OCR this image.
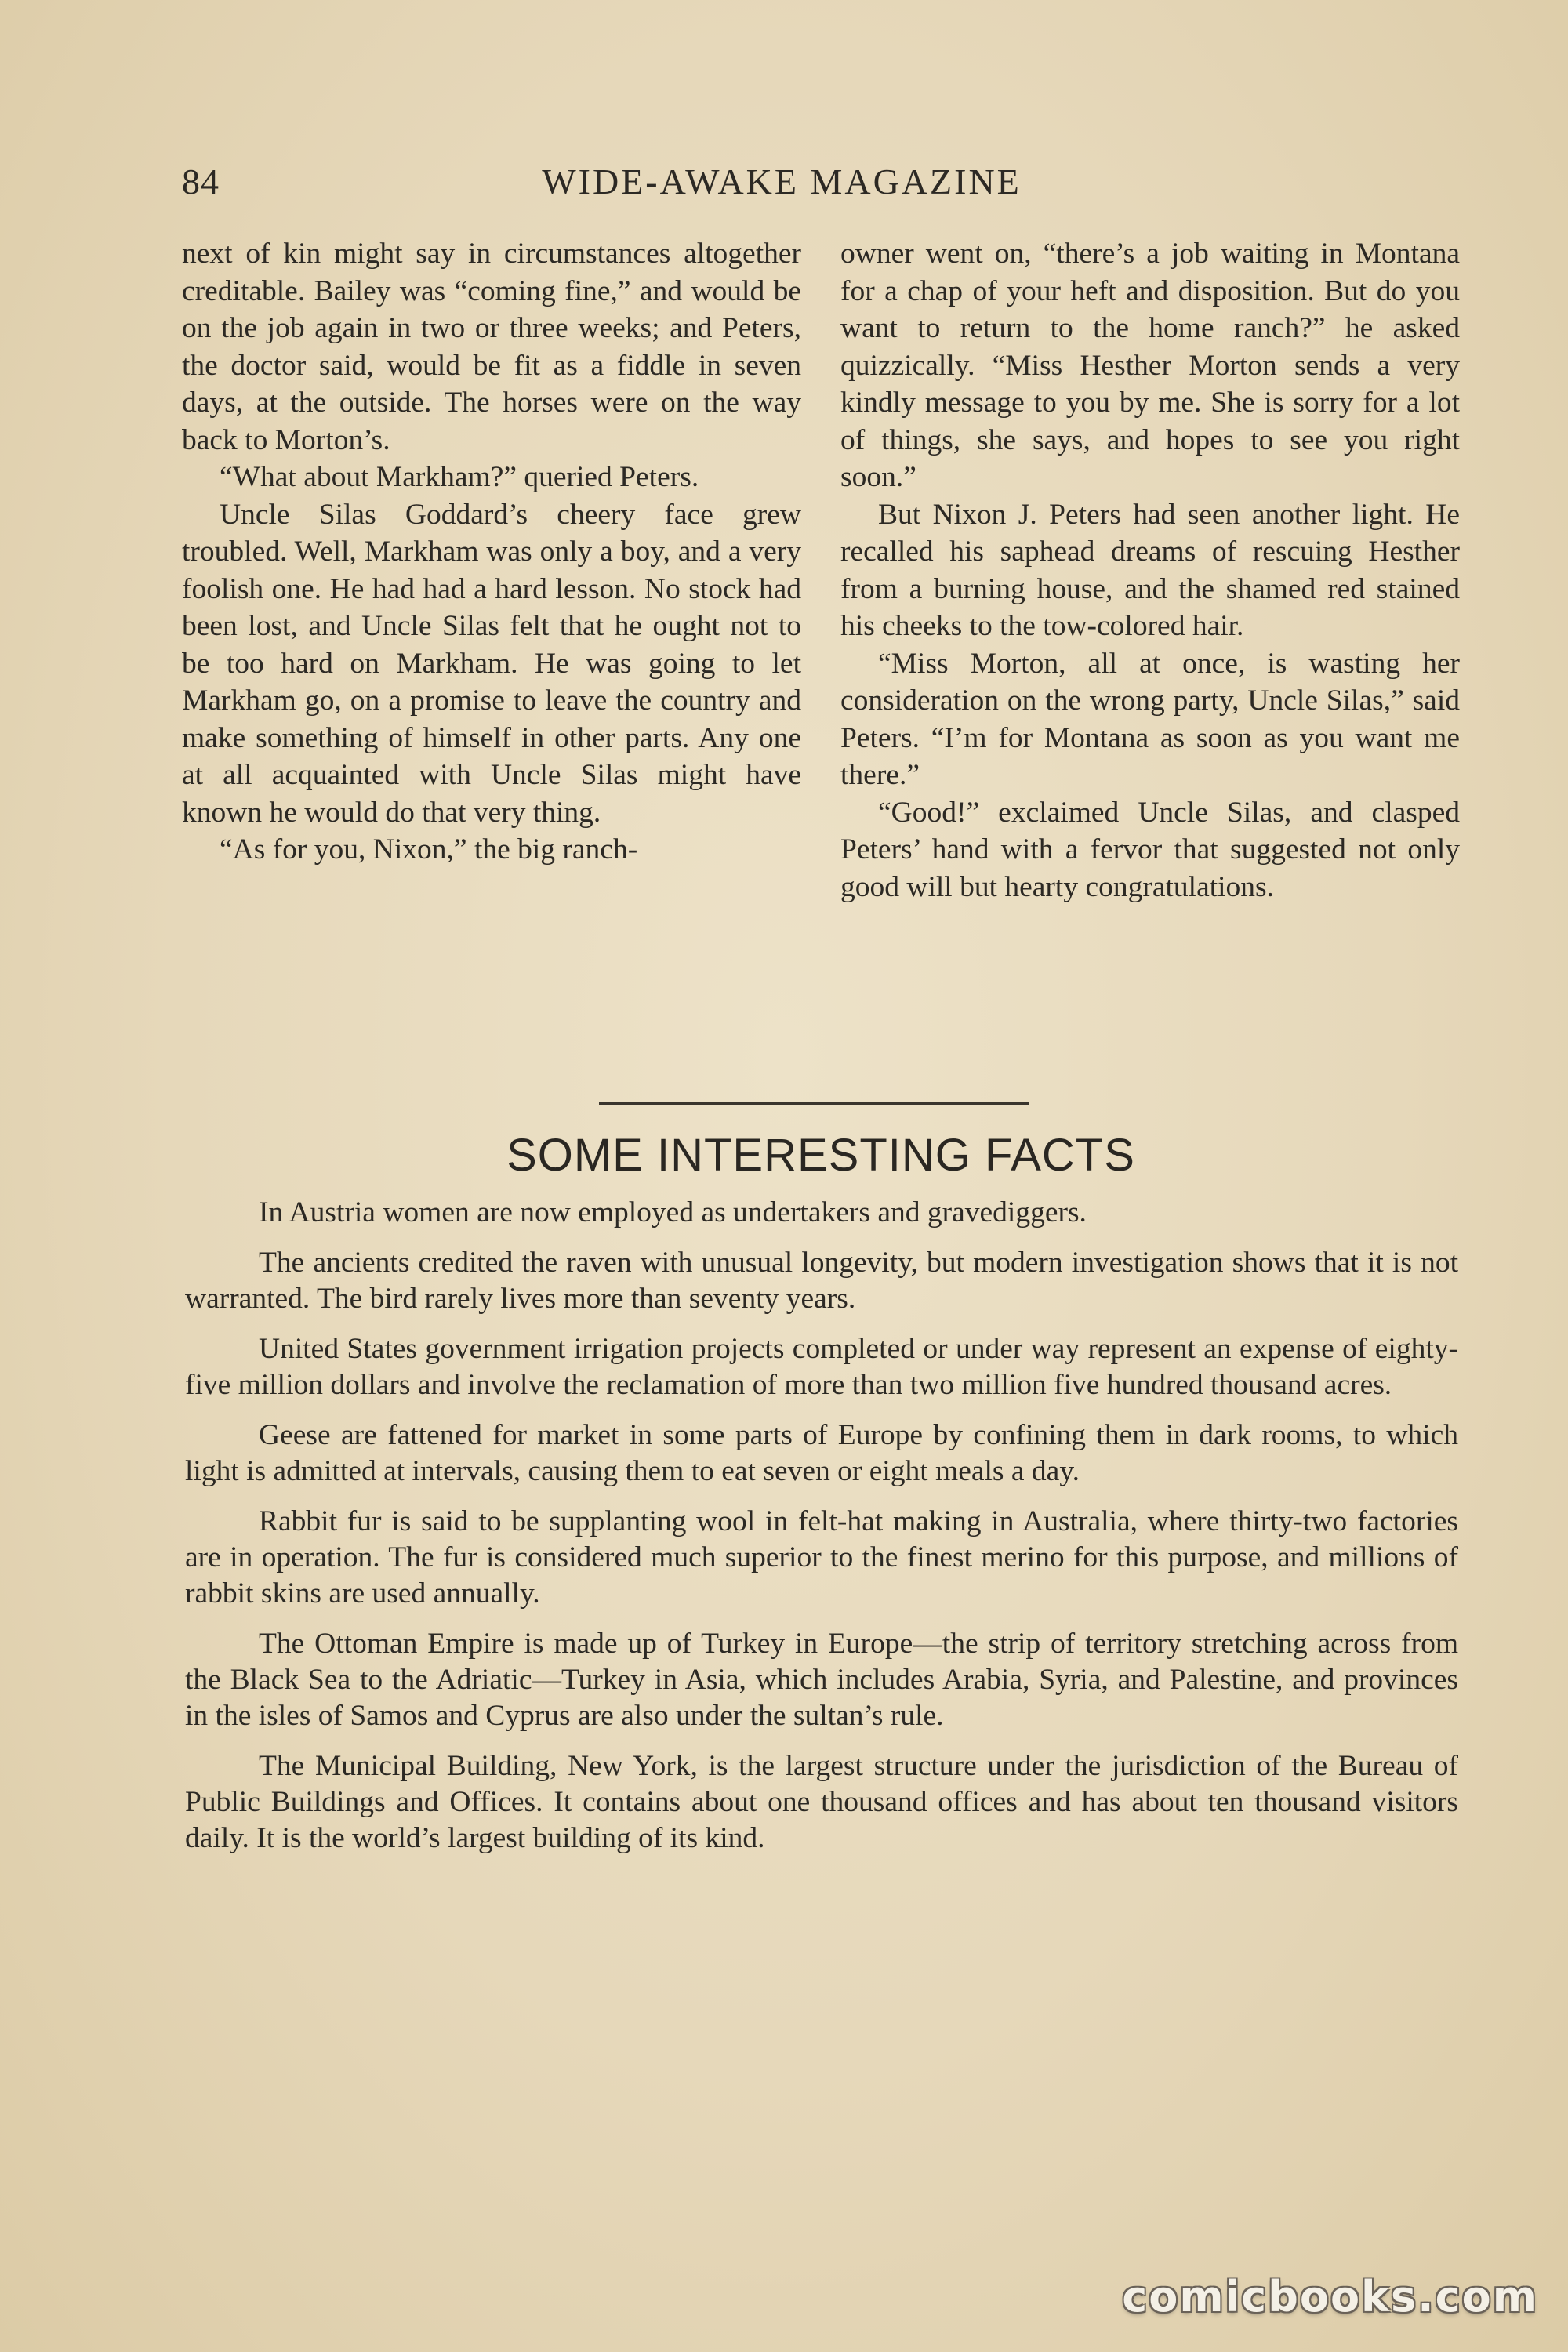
84	WIDE-AWAKE MAGAZINE

next of kin might say in circumstances altogether creditable. Bailey was “coming fine,” and would be on the job again in two or three weeks; and Peters, the doctor said, would be fit as a fiddle in seven days, at the outside. The horses were on the way back to Morton’s.

“What about Markham?” queried Peters.

Uncle Silas Goddard’s cheery face grew troubled. Well, Markham was only a boy, and a very foolish one. He had had a hard lesson. No stock had been lost, and Uncle Silas felt that he ought not to be too hard on Markham. He was going to let Markham go, on a promise to leave the country and make something of himself in other parts. Any one at all acquainted with Uncle Silas might have known he would do that very thing.

“As for you, Nixon,” the big ranch-

owner went on, “there’s a job waiting in Montana for a chap of your heft and disposition. But do you want to return to the home ranch?” he asked quizzically. “Miss Hesther Morton sends a very kindly message to you by me. She is sorry for a lot of things, she says, and hopes to see you right soon.”

But Nixon J. Peters had seen another light. He recalled his saphead dreams of rescuing Hesther from a burning house, and the shamed red stained his cheeks to the tow-colored hair.

“Miss Morton, all at once, is wasting her consideration on the wrong party, Uncle Silas,” said Peters. “I’m for Montana as soon as you want me there.”

“Good!” exclaimed Uncle Silas, and clasped Peters’ hand with a fervor that suggested not only good will but hearty congratulations.

SOME INTERESTING FACTS

In Austria women are now employed as undertakers and gravediggers.

The ancients credited the raven with unusual longevity, but modern investigation shows that it is not warranted. The bird rarely lives more than seventy years.

United States government irrigation projects completed or under way represent an expense of eighty-five million dollars and involve the reclamation of more than two million five hundred thousand acres.

Geese are fattened for market in some parts of Europe by confining them in dark rooms, to which light is admitted at intervals, causing them to eat seven or eight meals a day.

Rabbit fur is said to be supplanting wool in felt-hat making in Australia, where thirty-two factories are in operation. The fur is considered much superior to the finest merino for this purpose, and millions of rabbit skins are used annually.

The Ottoman Empire is made up of Turkey in Europe—the strip of territory stretching across from the Black Sea to the Adriatic—Turkey in Asia, which includes Arabia, Syria, and Palestine, and provinces in the isles of Samos and Cyprus are also under the sultan’s rule.

The Municipal Building, New York, is the largest structure under the jurisdiction of the Bureau of Public Buildings and Offices. It contains about one thousand offices and has about ten thousand visitors daily. It is the world’s largest building of its kind.

comicbooks.com
